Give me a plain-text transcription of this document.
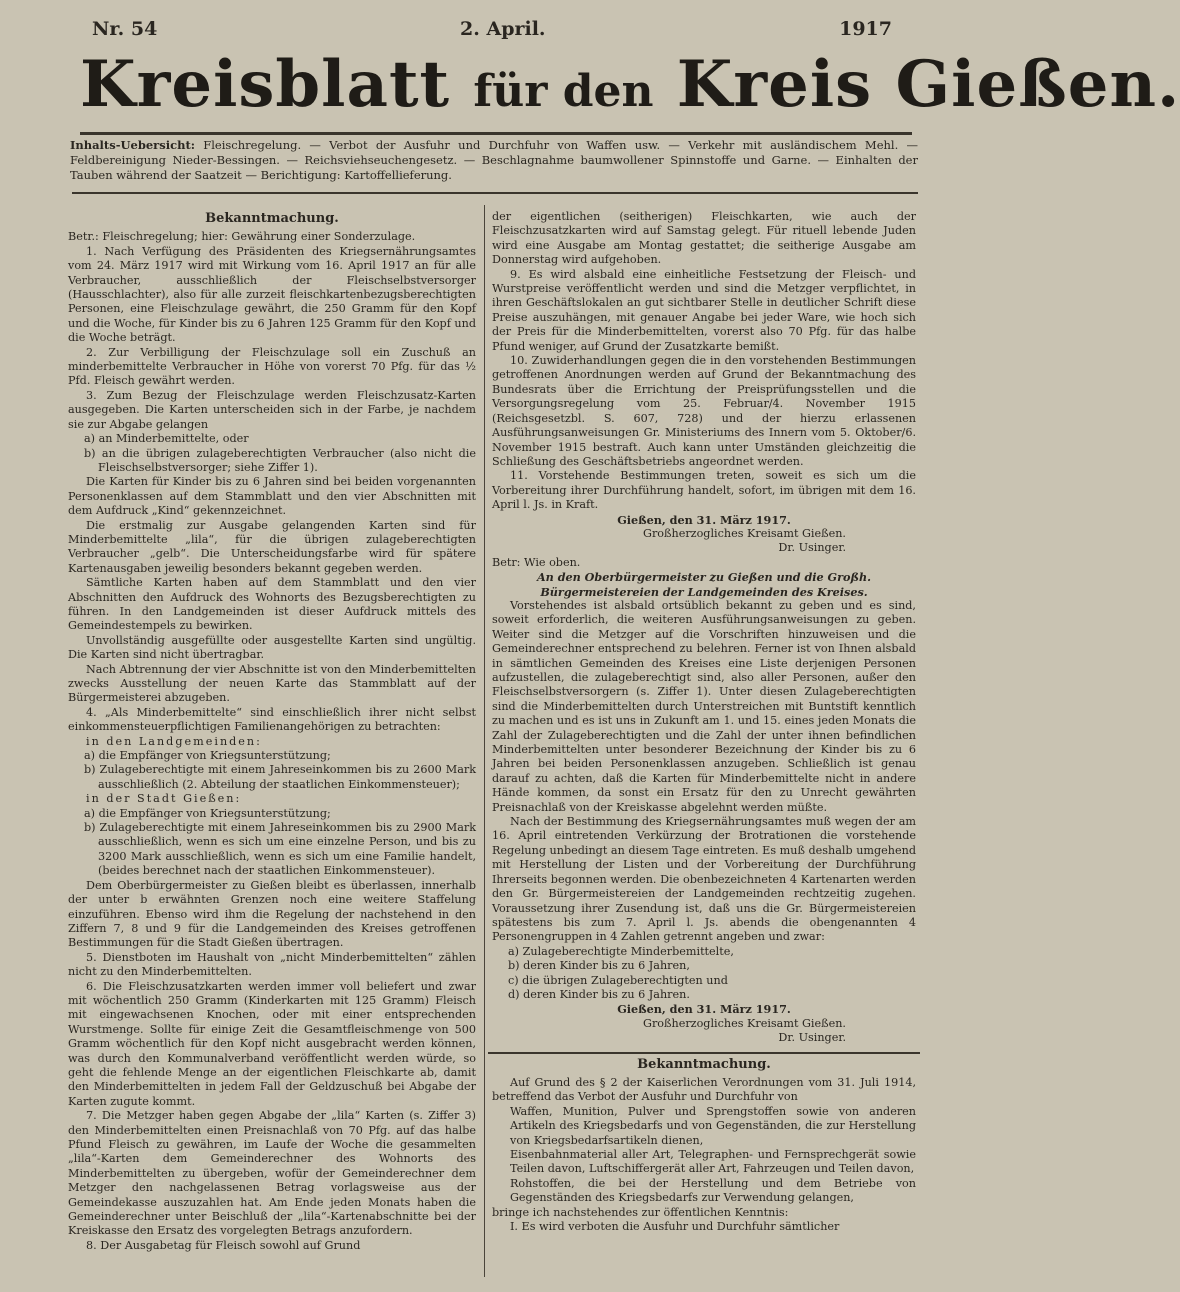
Nr. 54	2. April.	1917
Kreisblatt für den Kreis Gießen.
Inhalts-Uebersicht: Fleischregelung. — Verbot der Ausfuhr und Durchfuhr von Waffen usw. — Verkehr mit ausländischem Mehl. — Feldbereinigung Nieder-Bessingen. — Reichsviehseuchengesetz. — Beschlagnahme baumwollener Spinnstoffe und Garne. — Einhalten der Tauben während der Saatzeit — Berichtigung: Kartoffellieferung.

Bekanntmachung.

Betr.: Fleischregelung; hier: Gewährung einer Sonderzulage.

1. Nach Verfügung des Präsidenten des Kriegsernährungsamtes vom 24. März 1917 wird mit Wirkung vom 16. April 1917 an für alle Verbraucher, ausschließlich der Fleischselbstversorger (Hausschlachter), also für alle zurzeit fleischkartenbezugsberechtigten Personen, eine Fleischzulage gewährt, die 250 Gramm für den Kopf und die Woche, für Kinder bis zu 6 Jahren 125 Gramm für den Kopf und die Woche beträgt.

2. Zur Verbilligung der Fleischzulage soll ein Zuschuß an minderbemittelte Verbraucher in Höhe von vorerst 70 Pfg. für das ½ Pfd. Fleisch gewährt werden.

3. Zum Bezug der Fleischzulage werden Fleischzusatz-Karten ausgegeben. Die Karten unterscheiden sich in der Farbe, je nachdem sie zur Abgabe gelangen

a) an Minderbemittelte, oder

b) an die übrigen zulageberechtigten Verbraucher (also nicht die Fleischselbstversorger; siehe Ziffer 1).

Die Karten für Kinder bis zu 6 Jahren sind bei beiden vorgenannten Personenklassen auf dem Stammblatt und den vier Abschnitten mit dem Aufdruck „Kind“ gekennzeichnet.

Die erstmalig zur Ausgabe gelangenden Karten sind für Minderbemittelte „lila“, für die übrigen zulageberechtigten Verbraucher „gelb“. Die Unterscheidungsfarbe wird für spätere Kartenausgaben jeweilig besonders bekannt gegeben werden.

Sämtliche Karten haben auf dem Stammblatt und den vier Abschnitten den Aufdruck des Wohnorts des Bezugsberechtigten zu führen. In den Landgemeinden ist dieser Aufdruck mittels des Gemeindestempels zu bewirken.

Unvollständig ausgefüllte oder ausgestellte Karten sind ungültig. Die Karten sind nicht übertragbar.

Nach Abtrennung der vier Abschnitte ist von den Minderbemittelten zwecks Ausstellung der neuen Karte das Stammblatt auf der Bürgermeisterei abzugeben.

4. „Als Minderbemittelte“ sind einschließlich ihrer nicht selbst einkommensteuerpflichtigen Familienangehörigen zu betrachten:

in den Landgemeinden:

a) die Empfänger von Kriegsunterstützung;

b) Zulageberechtigte mit einem Jahreseinkommen bis zu 2600 Mark ausschließlich (2. Abteilung der staatlichen Einkommensteuer);

in der Stadt Gießen:

a) die Empfänger von Kriegsunterstützung;

b) Zulageberechtigte mit einem Jahreseinkommen bis zu 2900 Mark ausschließlich, wenn es sich um eine einzelne Person, und bis zu 3200 Mark ausschließlich, wenn es sich um eine Familie handelt, (beides berechnet nach der staatlichen Einkommensteuer).

Dem Oberbürgermeister zu Gießen bleibt es überlassen, innerhalb der unter b erwähnten Grenzen noch eine weitere Staffelung einzuführen. Ebenso wird ihm die Regelung der nachstehend in den Ziffern 7, 8 und 9 für die Landgemeinden des Kreises getroffenen Bestimmungen für die Stadt Gießen übertragen.

5. Dienstboten im Haushalt von „nicht Minderbemittelten“ zählen nicht zu den Minderbemittelten.

6. Die Fleischzusatzkarten werden immer voll beliefert und zwar mit wöchentlich 250 Gramm (Kinderkarten mit 125 Gramm) Fleisch mit eingewachsenen Knochen, oder mit einer entsprechenden Wurstmenge. Sollte für einige Zeit die Gesamtfleischmenge von 500 Gramm wöchentlich für den Kopf nicht ausgebracht werden können, was durch den Kommunalverband veröffentlicht werden würde, so geht die fehlende Menge an der eigentlichen Fleischkarte ab, damit den Minderbemittelten in jedem Fall der Geldzuschuß bei Abgabe der Karten zugute kommt.

7. Die Metzger haben gegen Abgabe der „lila“ Karten (s. Ziffer 3) den Minderbemittelten einen Preisnachlaß von 70 Pfg. auf das halbe Pfund Fleisch zu gewähren, im Laufe der Woche die gesammelten „lila“-Karten dem Gemeinderechner des Wohnorts des Minderbemittelten zu übergeben, wofür der Gemeinderechner dem Metzger den nachgelassenen Betrag vorlagsweise aus der Gemeindekasse auszuzahlen hat. Am Ende jeden Monats haben die Gemeinderechner unter Beischluß der „lila“-Kartenabschnitte bei der Kreiskasse den Ersatz des vorgelegten Betrags anzufordern.

8. Der Ausgabetag für Fleisch sowohl auf Grund

der eigentlichen (seitherigen) Fleischkarten, wie auch der Fleischzusatzkarten wird auf Samstag gelegt. Für rituell lebende Juden wird eine Ausgabe am Montag gestattet; die seitherige Ausgabe am Donnerstag wird aufgehoben.

9. Es wird alsbald eine einheitliche Festsetzung der Fleisch- und Wurstpreise veröffentlicht werden und sind die Metzger verpflichtet, in ihren Geschäftslokalen an gut sichtbarer Stelle in deutlicher Schrift diese Preise auszuhängen, mit genauer Angabe bei jeder Ware, wie hoch sich der Preis für die Minderbemittelten, vorerst also 70 Pfg. für das halbe Pfund weniger, auf Grund der Zusatzkarte bemißt.

10. Zuwiderhandlungen gegen die in den vorstehenden Bestimmungen getroffenen Anordnungen werden auf Grund der Bekanntmachung des Bundesrats über die Errichtung der Preisprüfungsstellen und die Versorgungsregelung vom 25. Februar/4. November 1915 (Reichsgesetzbl. S. 607, 728) und der hierzu erlassenen Ausführungsanweisungen Gr. Ministeriums des Innern vom 5. Oktober/6. November 1915 bestraft. Auch kann unter Umständen gleichzeitig die Schließung des Geschäftsbetriebs angeordnet werden.

11. Vorstehende Bestimmungen treten, soweit es sich um die Vorbereitung ihrer Durchführung handelt, sofort, im übrigen mit dem 16. April l. Js. in Kraft.

Gießen, den 31. März 1917.

Großherzogliches Kreisamt Gießen.

Dr. Usinger.

Betr: Wie oben.

An den Oberbürgermeister zu Gießen und die Großh. Bürgermeistereien der Landgemeinden des Kreises.

Vorstehendes ist alsbald ortsüblich bekannt zu geben und es sind, soweit erforderlich, die weiteren Ausführungsanweisungen zu geben. Weiter sind die Metzger auf die Vorschriften hinzuweisen und die Gemeinderechner entsprechend zu belehren. Ferner ist von Ihnen alsbald in sämtlichen Gemeinden des Kreises eine Liste derjenigen Personen aufzustellen, die zulageberechtigt sind, also aller Personen, außer den Fleischselbstversorgern (s. Ziffer 1). Unter diesen Zulageberechtigten sind die Minderbemittelten durch Unterstreichen mit Buntstift kenntlich zu machen und es ist uns in Zukunft am 1. und 15. eines jeden Monats die Zahl der Zulageberechtigten und die Zahl der unter ihnen befindlichen Minderbemittelten unter besonderer Bezeichnung der Kinder bis zu 6 Jahren bei beiden Personenklassen anzugeben. Schließlich ist genau darauf zu achten, daß die Karten für Minderbemittelte nicht in andere Hände kommen, da sonst ein Ersatz für den zu Unrecht gewährten Preisnachlaß von der Kreiskasse abgelehnt werden müßte.

Nach der Bestimmung des Kriegsernährungsamtes muß wegen der am 16. April eintretenden Verkürzung der Brotrationen die vorstehende Regelung unbedingt an diesem Tage eintreten. Es muß deshalb umgehend mit Herstellung der Listen und der Vorbereitung der Durchführung Ihrerseits begonnen werden. Die obenbezeichneten 4 Kartenarten werden den Gr. Bürgermeistereien der Landgemeinden rechtzeitig zugehen. Voraussetzung ihrer Zusendung ist, daß uns die Gr. Bürgermeistereien spätestens bis zum 7. April l. Js. abends die obengenannten 4 Personengruppen in 4 Zahlen getrennt angeben und zwar:

a) Zulageberechtigte Minderbemittelte,

b) deren Kinder bis zu 6 Jahren,

c) die übrigen Zulageberechtigten und

d) deren Kinder bis zu 6 Jahren.

Gießen, den 31. März 1917.

Großherzogliches Kreisamt Gießen.

Dr. Usinger.

Bekanntmachung.

Auf Grund des § 2 der Kaiserlichen Verordnungen vom 31. Juli 1914, betreffend das Verbot der Ausfuhr und Durchfuhr von

Waffen, Munition, Pulver und Sprengstoffen sowie von anderen Artikeln des Kriegsbedarfs und von Gegenständen, die zur Herstellung von Kriegsbedarfsartikeln dienen,

Eisenbahnmaterial aller Art, Telegraphen- und Fernsprechgerät sowie Teilen davon, Luftschiffergerät aller Art, Fahrzeugen und Teilen davon,

Rohstoffen, die bei der Herstellung und dem Betriebe von Gegenständen des Kriegsbedarfs zur Verwendung gelangen,

bringe ich nachstehendes zur öffentlichen Kenntnis:

I. Es wird verboten die Ausfuhr und Durchfuhr sämtlicher
